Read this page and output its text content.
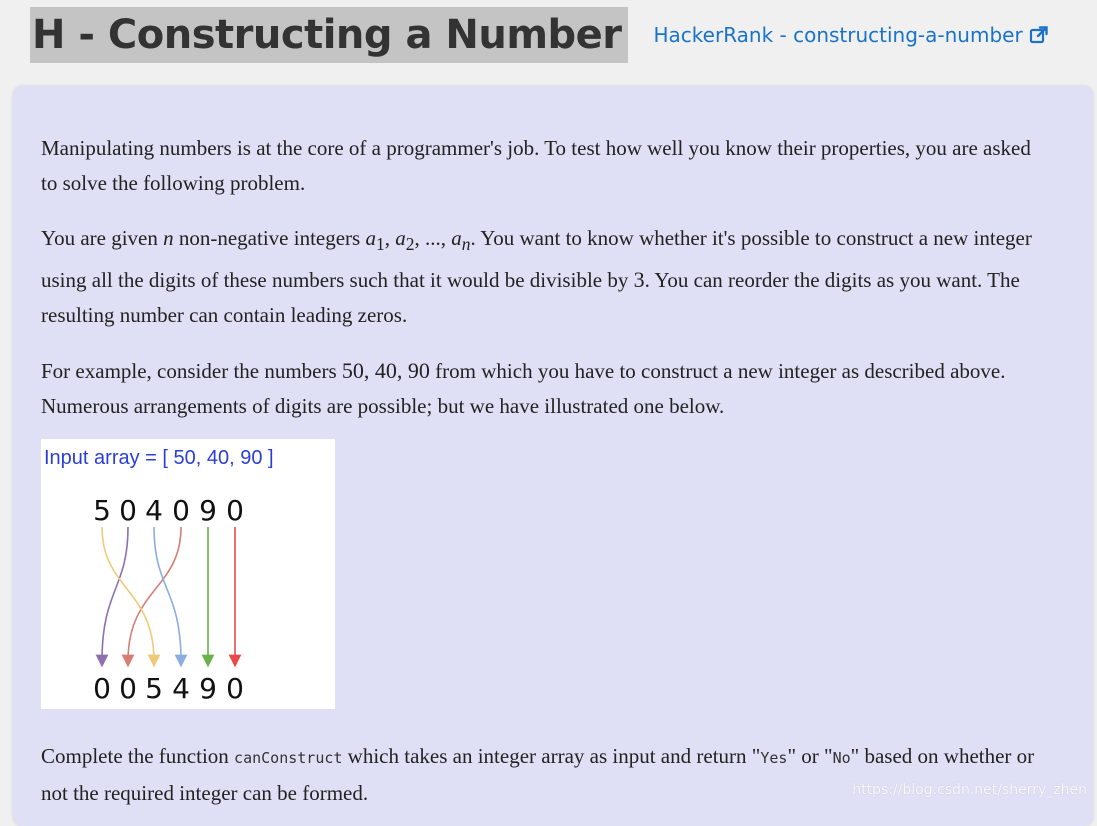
H - Constructing a Number	HackerRank - constructing-a-number

Manipulating numbers is at the core of a programmer's job. To test how well you know their properties, you are asked to solve the following problem.

You are given n non-negative integers $a_1$, $a_2$, ..., $a_n$. You want to know whether it's possible to construct a new integer using all the digits of these numbers such that it would be divisible by 3. You can reorder the digits as you want. The resulting number can contain leading zeros.

For example, consider the numbers 50, 40, 90 from which you have to construct a new integer as described above. Numerous arrangements of digits are possible; but we have illustrated one below.

Input array = [ 50, 40, 90 ]
5 0 4 0 9 0
0 0 5 4 9 0
Complete the function canConstruct which takes an integer array as input and return "Yes" or "No" based on whether or not the required integer can be formed.	https://blog.csdn.net/sherry_zhen
